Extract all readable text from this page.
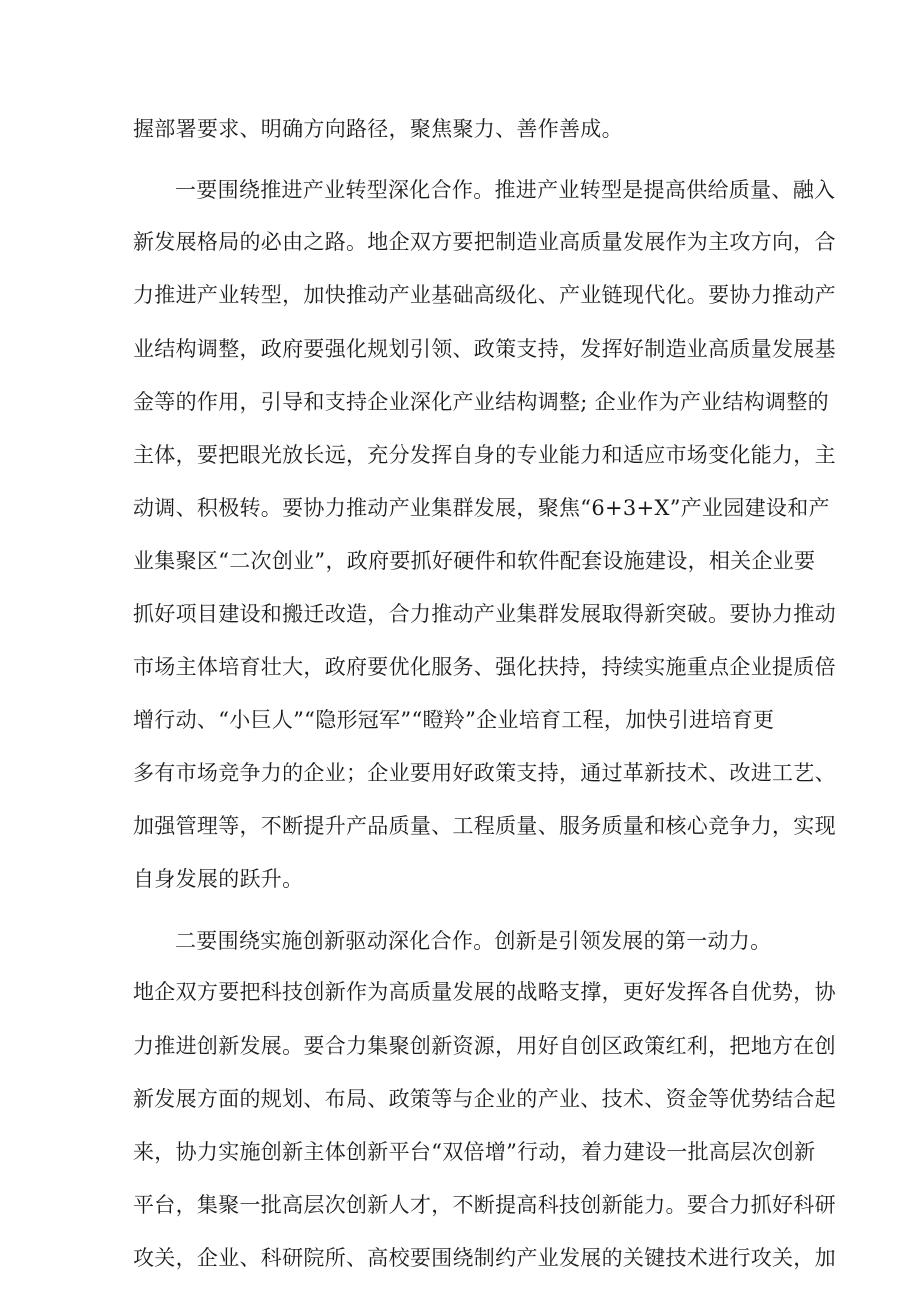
握部署要求、明确方向路径，聚焦聚力、善作善成。
一要围绕推进产业转型深化合作。推进产业转型是提高供给质量、融入
新发展格局的必由之路。地企双方要把制造业高质量发展作为主攻方向，合
力推进产业转型，加快推动产业基础高级化、产业链现代化。要协力推动产
业结构调整，政府要强化规划引领、政策支持，发挥好制造业高质量发展基
金等的作用，引导和支持企业深化产业结构调整; 企业作为产业结构调整的
主体，要把眼光放长远，充分发挥自身的专业能力和适应市场变化能力，主
动调、积极转。要协力推动产业集群发展，聚焦“6+3+X”产业园建设和产
业集聚区“二次创业”，政府要抓好硬件和软件配套设施建设，相关企业要
抓好项目建设和搬迁改造，合力推动产业集群发展取得新突破。要协力推动
市场主体培育壮大，政府要优化服务、强化扶持，持续实施重点企业提质倍
增行动、“小巨人”“隐形冠军”“瞪羚”企业培育工程，加快引进培育更
多有市场竞争力的企业；企业要用好政策支持，通过革新技术、改进工艺、
加强管理等，不断提升产品质量、工程质量、服务质量和核心竞争力，实现
自身发展的跃升。
二要围绕实施创新驱动深化合作。创新是引领发展的第一动力。
地企双方要把科技创新作为高质量发展的战略支撑，更好发挥各自优势，协
力推进创新发展。要合力集聚创新资源，用好自创区政策红利，把地方在创
新发展方面的规划、布局、政策等与企业的产业、技术、资金等优势结合起
来，协力实施创新主体创新平台“双倍增”行动，着力建设一批高层次创新
平台，集聚一批高层次创新人才，不断提高科技创新能力。要合力抓好科研
攻关，企业、科研院所、高校要围绕制约产业发展的关键技术进行攻关，加
